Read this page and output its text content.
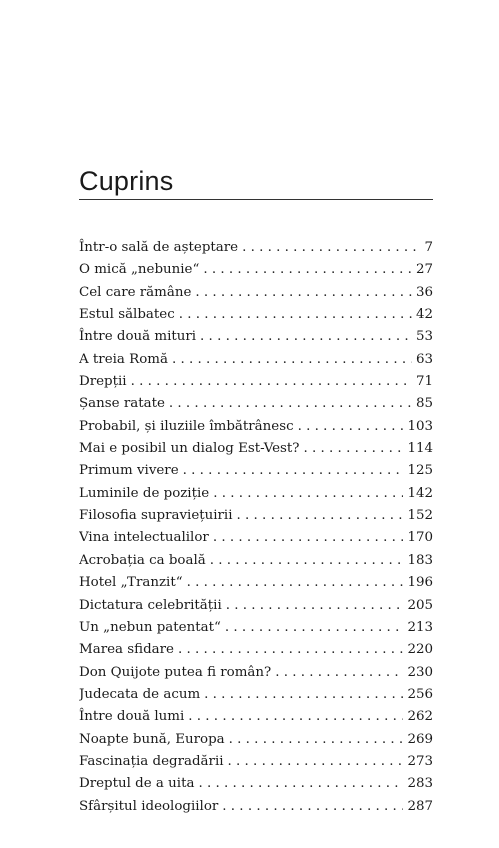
Cuprins
Într-o sală de așteptare . . .	7
O mică „nebunie“ . . .	27
Cel care rămâne . . .	36
Estul sălbatec . . .	42
Între două mituri . . .	53
A treia Romă . . .	63
Drepții . . .	71
Șanse ratate . . .	85
Probabil, și iluziile îmbătrânesc . . .	103
Mai e posibil un dialog Est-Vest? . . .	114
Primum vivere . . .	125
Luminile de poziție . . .	142
Filosofia supraviețuirii . . .	152
Vina intelectualilor . . .	170
Acrobația ca boală . . .	183
Hotel „Tranzit“ . . .	196
Dictatura celebrității . . .	205
Un „nebun patentat“ . . .	213
Marea sfidare . . .	220
Don Quijote putea fi român? . . .	230
Judecata de acum . . .	256
Între două lumi . . .	262
Noapte bună, Europa . . .	269
Fascinația degradării . . .	273
Dreptul de a uita . . .	283
Sfârșitul ideologiilor . . .	287
